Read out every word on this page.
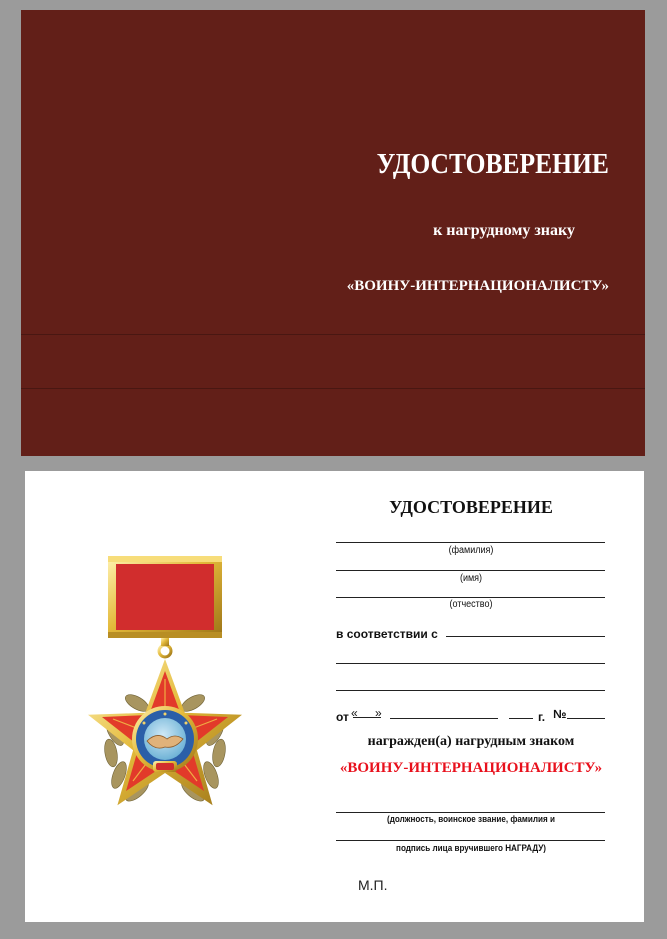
УДОСТОВЕРЕНИЕ
к нагрудному знаку
«ВОИНУ-ИНТЕРНАЦИОНАЛИСТУ»
УДОСТОВЕРЕНИЕ
(фамилия)
(имя)
(отчество)
в соответствии с
от « »	г. №
награжден(а) нагрудным знаком
«ВОИНУ-ИНТЕРНАЦИОНАЛИСТУ»
(должность, воинское звание, фамилия и
подпись лица вручившего НАГРАДУ)
М.П.
